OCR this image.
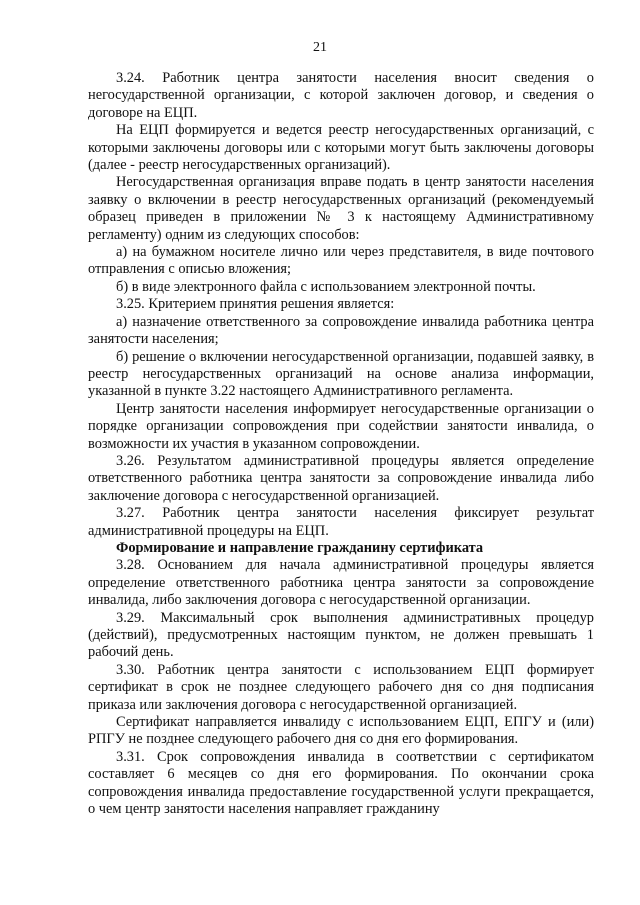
21

3.24. Работник центра занятости населения вносит сведения о негосударственной организации, с которой заключен договор, и сведения о договоре на ЕЦП.

На ЕЦП формируется и ведется реестр негосударственных организаций, с которыми заключены договоры или с которыми могут быть заключены договоры (далее - реестр негосударственных организаций).

Негосударственная организация вправе подать в центр занятости населения заявку о включении в реестр негосударственных организаций (рекомендуемый образец приведен в приложении № 3 к настоящему Административному регламенту) одним из следующих способов:

а) на бумажном носителе лично или через представителя, в виде почтового отправления с описью вложения;

б) в виде электронного файла с использованием электронной почты.

3.25. Критерием принятия решения является:

а) назначение ответственного за сопровождение инвалида работника центра занятости населения;

б) решение о включении негосударственной организации, подавшей заявку, в реестр негосударственных организаций на основе анализа информации, указанной в пункте 3.22 настоящего Административного регламента.

Центр занятости населения информирует негосударственные организации о порядке организации сопровождения при содействии занятости инвалида, о возможности их участия в указанном сопровождении.

3.26. Результатом административной процедуры является определение ответственного работника центра занятости за сопровождение инвалида либо заключение договора с негосударственной организацией.

3.27. Работник центра занятости населения фиксирует результат административной процедуры на ЕЦП.

Формирование и направление гражданину сертификата

3.28. Основанием для начала административной процедуры является определение ответственного работника центра занятости за сопровождение инвалида, либо заключения договора с негосударственной организации.

3.29. Максимальный срок выполнения административных процедур (действий), предусмотренных настоящим пунктом, не должен превышать 1 рабочий день.

3.30. Работник центра занятости с использованием ЕЦП формирует сертификат в срок не позднее следующего рабочего дня со дня подписания приказа или заключения договора с негосударственной организацией.

Сертификат направляется инвалиду с использованием ЕЦП, ЕПГУ и (или) РПГУ не позднее следующего рабочего дня со дня его формирования.

3.31. Срок сопровождения инвалида в соответствии с сертификатом составляет 6 месяцев со дня его формирования. По окончании срока сопровождения инвалида предоставление государственной услуги прекращается, о чем центр занятости населения направляет гражданину
